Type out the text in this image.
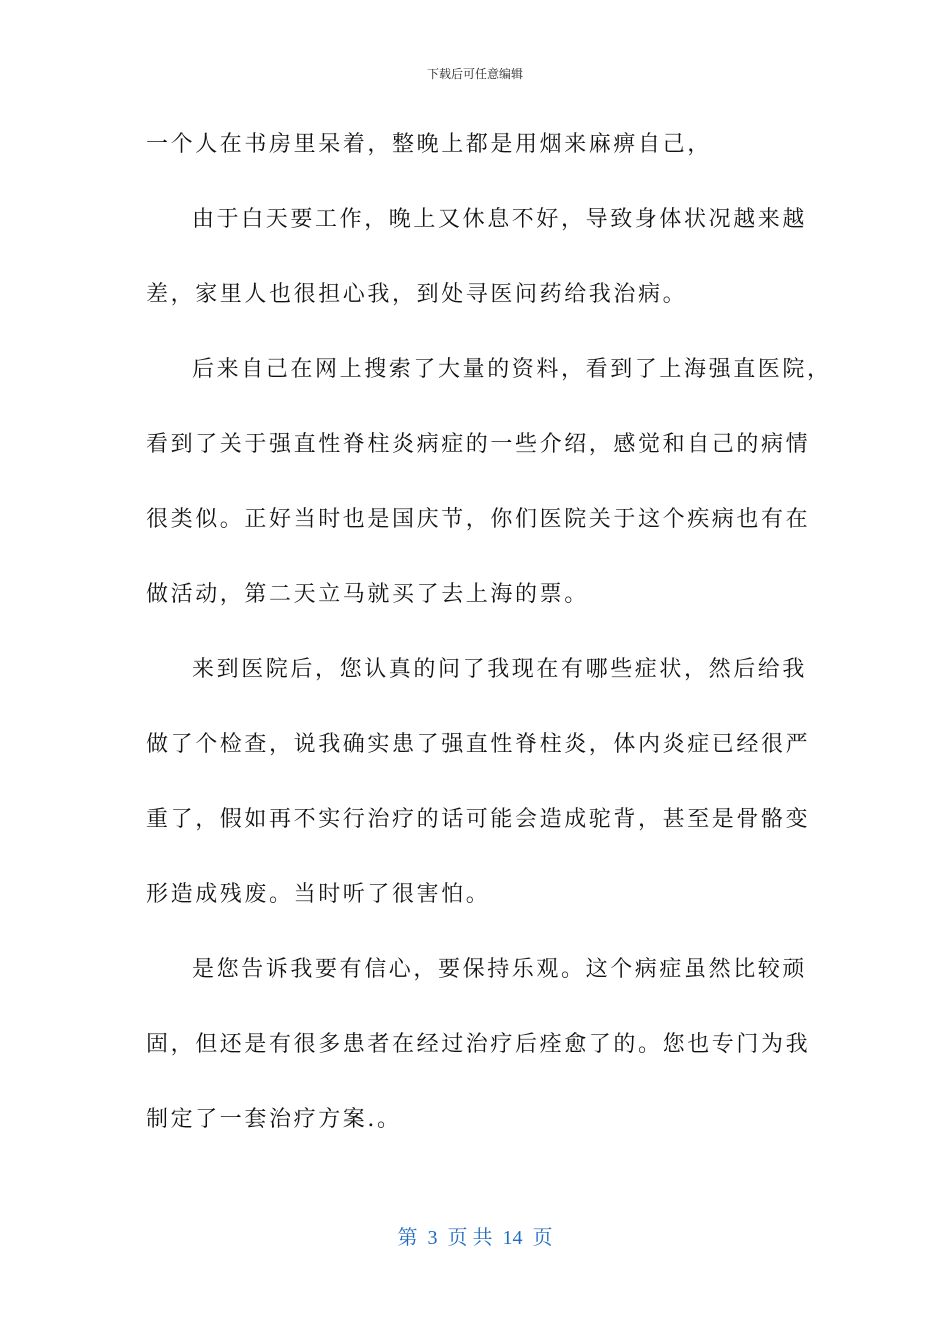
下载后可任意编辑
一个人在书房里呆着，整晚上都是用烟来麻痹自己，

由于白天要工作，晚上又休息不好，导致身体状况越来越

差，家里人也很担心我，到处寻医问药给我治病。

后来自己在网上搜索了大量的资料，看到了上海强直医院，

看到了关于强直性脊柱炎病症的一些介绍，感觉和自己的病情

很类似。正好当时也是国庆节，你们医院关于这个疾病也有在

做活动，第二天立马就买了去上海的票。

来到医院后，您认真的问了我现在有哪些症状，然后给我

做了个检查，说我确实患了强直性脊柱炎，体内炎症已经很严

重了，假如再不实行治疗的话可能会造成驼背，甚至是骨骼变

形造成残废。当时听了很害怕。

是您告诉我要有信心，要保持乐观。这个病症虽然比较顽

固，但还是有很多患者在经过治疗后痊愈了的。您也专门为我

制定了一套治疗方案.。
第 3 页 共 14 页
